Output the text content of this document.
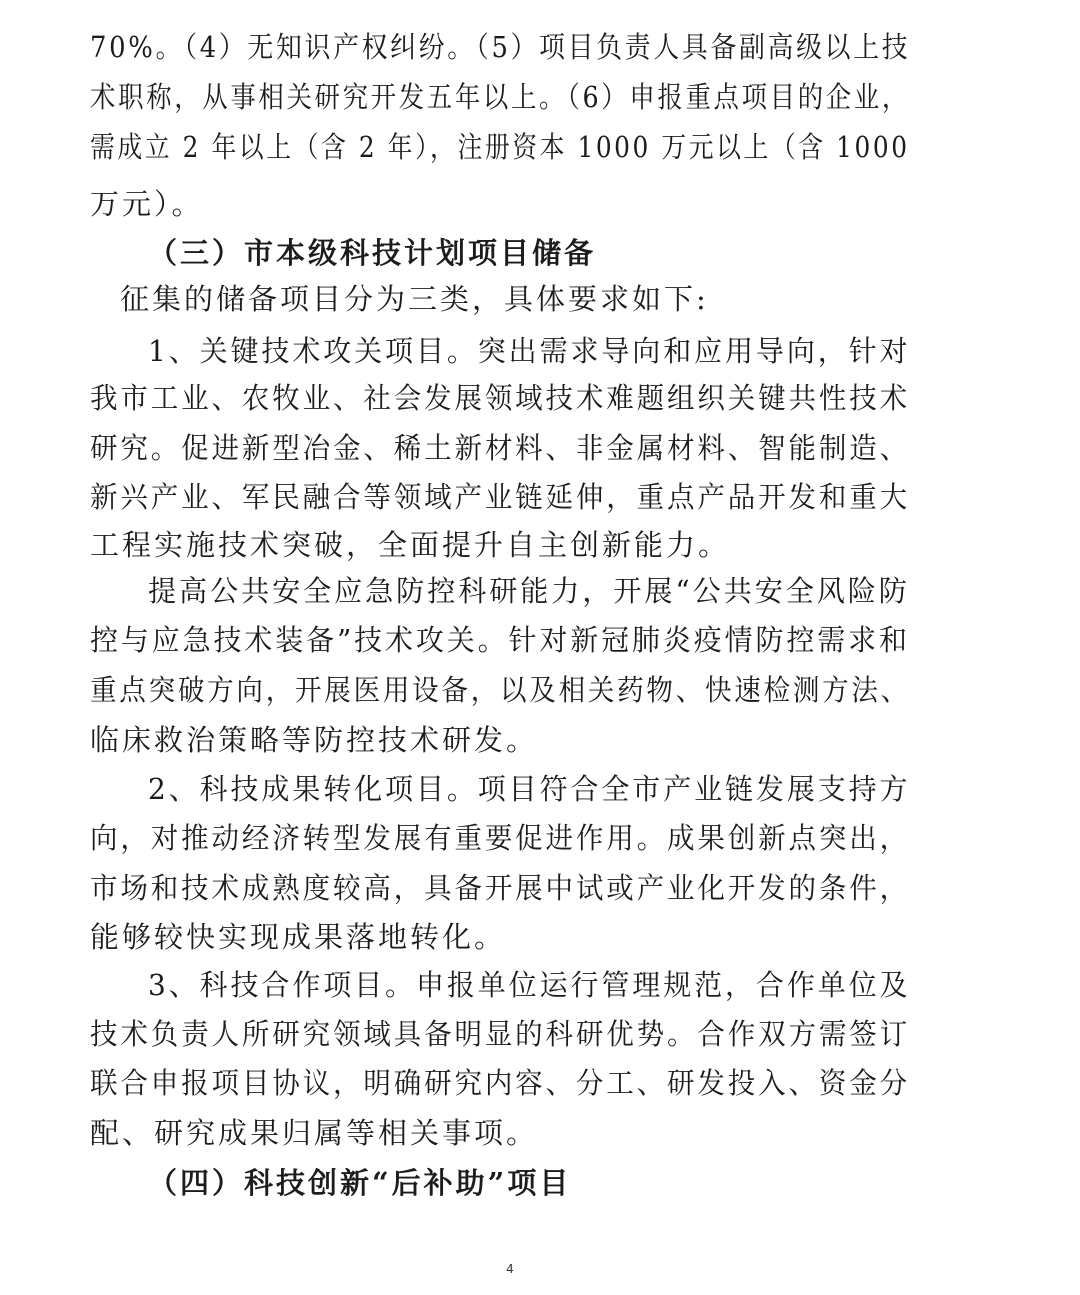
70%。（4）无知识产权纠纷。（5）项目负责人具备副高级以上技
术职称，从事相关研究开发五年以上。（6）申报重点项目的企业，
需成立 2 年以上（含 2 年），注册资本 1000 万元以上（含 1000
万元）。
（三）市本级科技计划项目储备
征集的储备项目分为三类，具体要求如下:
1、关键技术攻关项目。突出需求导向和应用导向，针对
我市工业、农牧业、社会发展领域技术难题组织关键共性技术
研究。促进新型冶金、稀土新材料、非金属材料、智能制造、
新兴产业、军民融合等领域产业链延伸，重点产品开发和重大
工程实施技术突破，全面提升自主创新能力。
提高公共安全应急防控科研能力，开展“公共安全风险防
控与应急技术装备”技术攻关。针对新冠肺炎疫情防控需求和
重点突破方向，开展医用设备，以及相关药物、快速检测方法、
临床救治策略等防控技术研发。
2、科技成果转化项目。项目符合全市产业链发展支持方
向，对推动经济转型发展有重要促进作用。成果创新点突出，
市场和技术成熟度较高，具备开展中试或产业化开发的条件，
能够较快实现成果落地转化。
3、科技合作项目。申报单位运行管理规范，合作单位及
技术负责人所研究领域具备明显的科研优势。合作双方需签订
联合申报项目协议，明确研究内容、分工、研发投入、资金分
配、研究成果归属等相关事项。
（四）科技创新“后补助”项目
4
